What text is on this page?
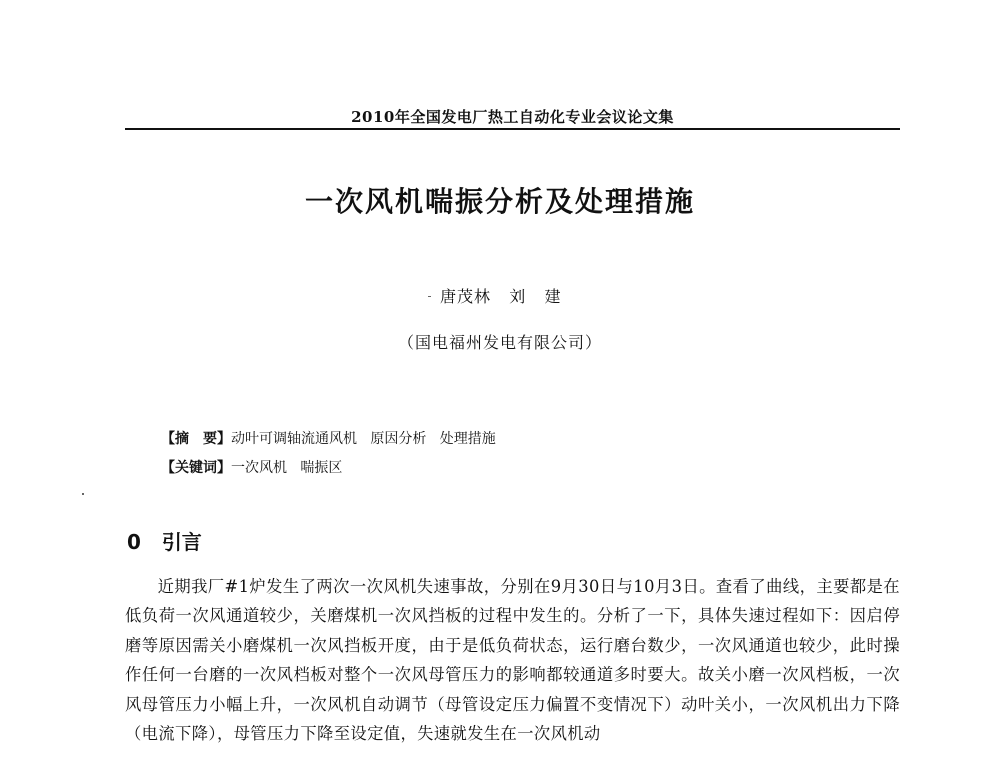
2010年全国发电厂热工自动化专业会议论文集
一次风机喘振分析及处理措施
唐茂林   刘   建
（国电福州发电有限公司）
【摘　要】动叶可调轴流通风机   原因分析   处理措施
【关键词】一次风机   喘振区
0 引言
近期我厂#1炉发生了两次一次风机失速事故，分别在9月30日与10月3日。查看了曲线，主要都是在低负荷一次风通道较少，关磨煤机一次风挡板的过程中发生的。分析了一下，具体失速过程如下：因启停磨等原因需关小磨煤机一次风挡板开度，由于是低负荷状态，运行磨台数少，一次风通道也较少，此时操作任何一台磨的一次风档板对整个一次风母管压力的影响都较通道多时要大。故关小磨一次风档板，一次风母管压力小幅上升，一次风机自动调节（母管设定压力偏置不变情况下）动叶关小，一次风机出力下降（电流下降），母管压力下降至设定值，失速就发生在一次风机动
